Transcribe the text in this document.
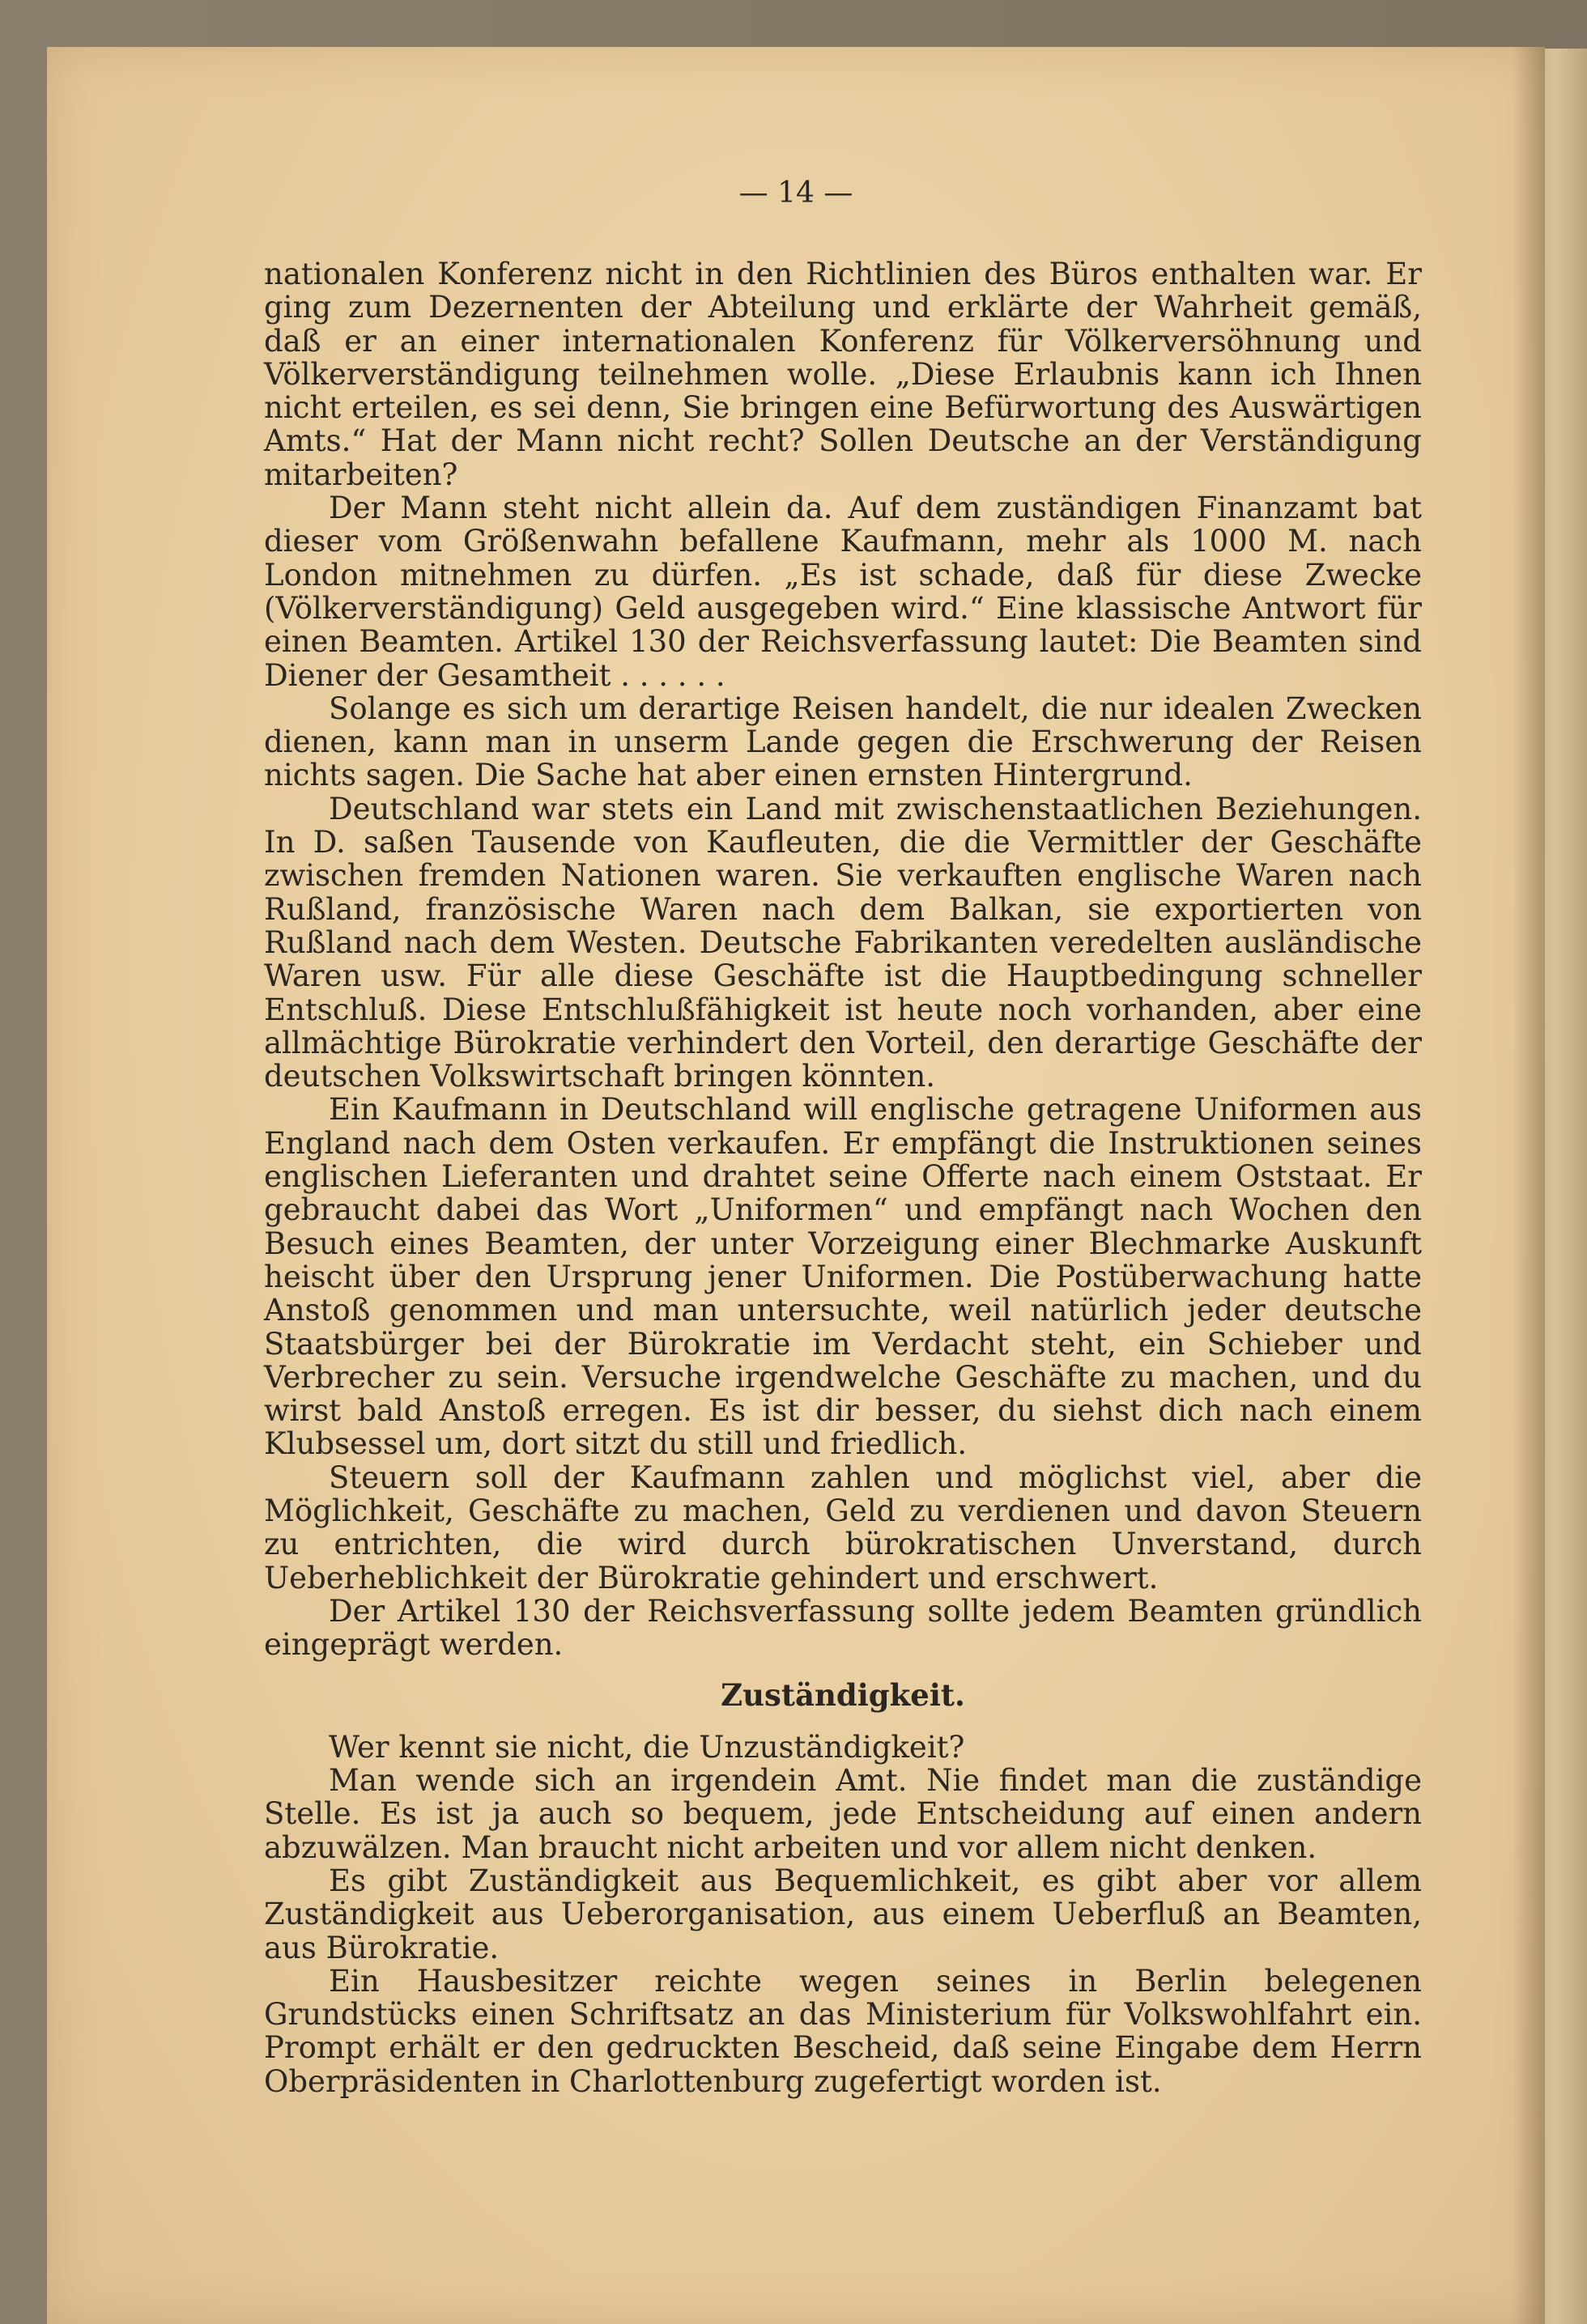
— 14 —

nationalen Konferenz nicht in den Richtlinien des Büros enthalten war. Er ging zum Dezernenten der Abteilung und erklärte der Wahrheit gemäß, daß er an einer internationalen Konferenz für Völkerversöhnung und Völkerverständigung teilnehmen wolle. „Diese Erlaubnis kann ich Ihnen nicht erteilen, es sei denn, Sie bringen eine Befürwortung des Auswärtigen Amts.“ Hat der Mann nicht recht? Sollen Deutsche an der Verständigung mitarbeiten?

Der Mann steht nicht allein da. Auf dem zuständigen Finanzamt bat dieser vom Größenwahn befallene Kaufmann, mehr als 1000 M. nach London mitnehmen zu dürfen. „Es ist schade, daß für diese Zwecke (Völkerverständigung) Geld ausgegeben wird.“ Eine klassische Antwort für einen Beamten. Artikel 130 der Reichsverfassung lautet: Die Beamten sind Diener der Gesamtheit . . . . . .

Solange es sich um derartige Reisen handelt, die nur idealen Zwecken dienen, kann man in unserm Lande gegen die Erschwerung der Reisen nichts sagen. Die Sache hat aber einen ernsten Hintergrund.

Deutschland war stets ein Land mit zwischenstaatlichen Beziehungen. In D. saßen Tausende von Kaufleuten, die die Vermittler der Geschäfte zwischen fremden Nationen waren. Sie verkauften englische Waren nach Rußland, französische Waren nach dem Balkan, sie exportierten von Rußland nach dem Westen. Deutsche Fabrikanten veredelten ausländische Waren usw. Für alle diese Geschäfte ist die Hauptbedingung schneller Entschluß. Diese Entschlußfähigkeit ist heute noch vorhanden, aber eine allmächtige Bürokratie verhindert den Vorteil, den derartige Geschäfte der deutschen Volkswirtschaft bringen könnten.

Ein Kaufmann in Deutschland will englische getragene Uniformen aus England nach dem Osten verkaufen. Er empfängt die Instruktionen seines englischen Lieferanten und drahtet seine Offerte nach einem Oststaat. Er gebraucht dabei das Wort „Uniformen“ und empfängt nach Wochen den Besuch eines Beamten, der unter Vorzeigung einer Blechmarke Auskunft heischt über den Ursprung jener Uniformen. Die Postüberwachung hatte Anstoß genommen und man untersuchte, weil natürlich jeder deutsche Staatsbürger bei der Bürokratie im Verdacht steht, ein Schieber und Verbrecher zu sein. Versuche irgendwelche Geschäfte zu machen, und du wirst bald Anstoß erregen. Es ist dir besser, du siehst dich nach einem Klubsessel um, dort sitzt du still und friedlich.

Steuern soll der Kaufmann zahlen und möglichst viel, aber die Möglichkeit, Geschäfte zu machen, Geld zu verdienen und davon Steuern zu entrichten, die wird durch bürokratischen Unverstand, durch Ueberheblichkeit der Bürokratie gehindert und erschwert.

Der Artikel 130 der Reichsverfassung sollte jedem Beamten gründlich eingeprägt werden.

Zuständigkeit.

Wer kennt sie nicht, die Unzuständigkeit?

Man wende sich an irgendein Amt. Nie findet man die zuständige Stelle. Es ist ja auch so bequem, jede Entscheidung auf einen andern abzuwälzen. Man braucht nicht arbeiten und vor allem nicht denken.

Es gibt Zuständigkeit aus Bequemlichkeit, es gibt aber vor allem Zuständigkeit aus Ueberorganisation, aus einem Ueberfluß an Beamten, aus Bürokratie.

Ein Hausbesitzer reichte wegen seines in Berlin belegenen Grundstücks einen Schriftsatz an das Ministerium für Volkswohlfahrt ein. Prompt erhält er den gedruckten Bescheid, daß seine Eingabe dem Herrn Oberpräsidenten in Charlottenburg zugefertigt worden ist.
